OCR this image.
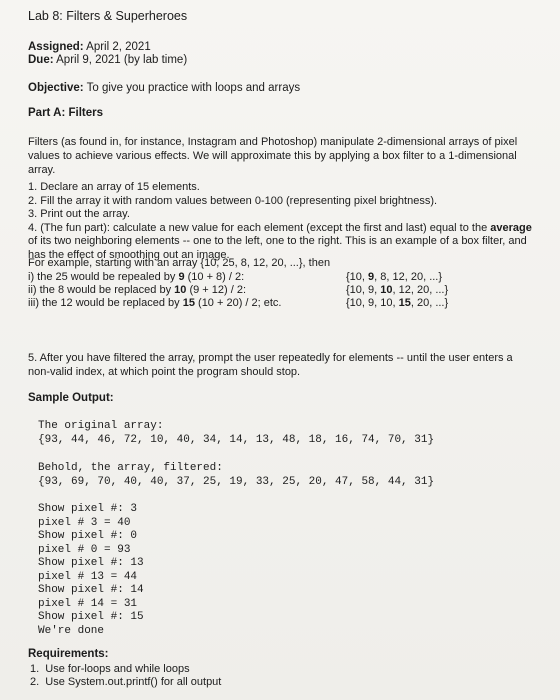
Lab 8: Filters & Superheroes
Assigned: April 2, 2021
Due: April 9, 2021 (by lab time)
Objective: To give you practice with loops and arrays
Part A: Filters
Filters (as found in, for instance, Instagram and Photoshop) manipulate 2-dimensional arrays of pixel values to achieve various effects. We will approximate this by applying a box filter to a 1-dimensional array.
1. Declare an array of 15 elements.
2. Fill the array it with random values between 0-100 (representing pixel brightness).
3. Print out the array.
4. (The fun part): calculate a new value for each element (except the first and last) equal to the average of its two neighboring elements -- one to the left, one to the right. This is an example of a box filter, and has the effect of smoothing out an image.
For example, starting with an array {10, 25, 8, 12, 20, ...}, then
i) the 25 would be repealed by 9 (10 + 8) / 2:	{10, 9, 8, 12, 20, ...}
ii) the 8 would be replaced by 10 (9 + 12) / 2:	{10, 9, 10, 12, 20, ...}
iii) the 12 would be replaced by 15 (10 + 20) / 2; etc.	{10, 9, 10, 15, 20, ...}
5. After you have filtered the array, prompt the user repeatedly for elements -- until the user enters a non-valid index, at which point the program should stop.
Sample Output:
The original array:
{93, 44, 46, 72, 10, 40, 34, 14, 13, 48, 18, 16, 74, 70, 31}
Behold, the array, filtered:
{93, 69, 70, 40, 40, 37, 25, 19, 33, 25, 20, 47, 58, 44, 31}
Show pixel #: 3
pixel # 3 = 40
Show pixel #: 0
pixel # 0 = 93
Show pixel #: 13
pixel # 13 = 44
Show pixel #: 14
pixel # 14 = 31
Show pixel #: 15
We're done
Requirements:
1.  Use for-loops and while loops
2.  Use System.out.printf() for all output
